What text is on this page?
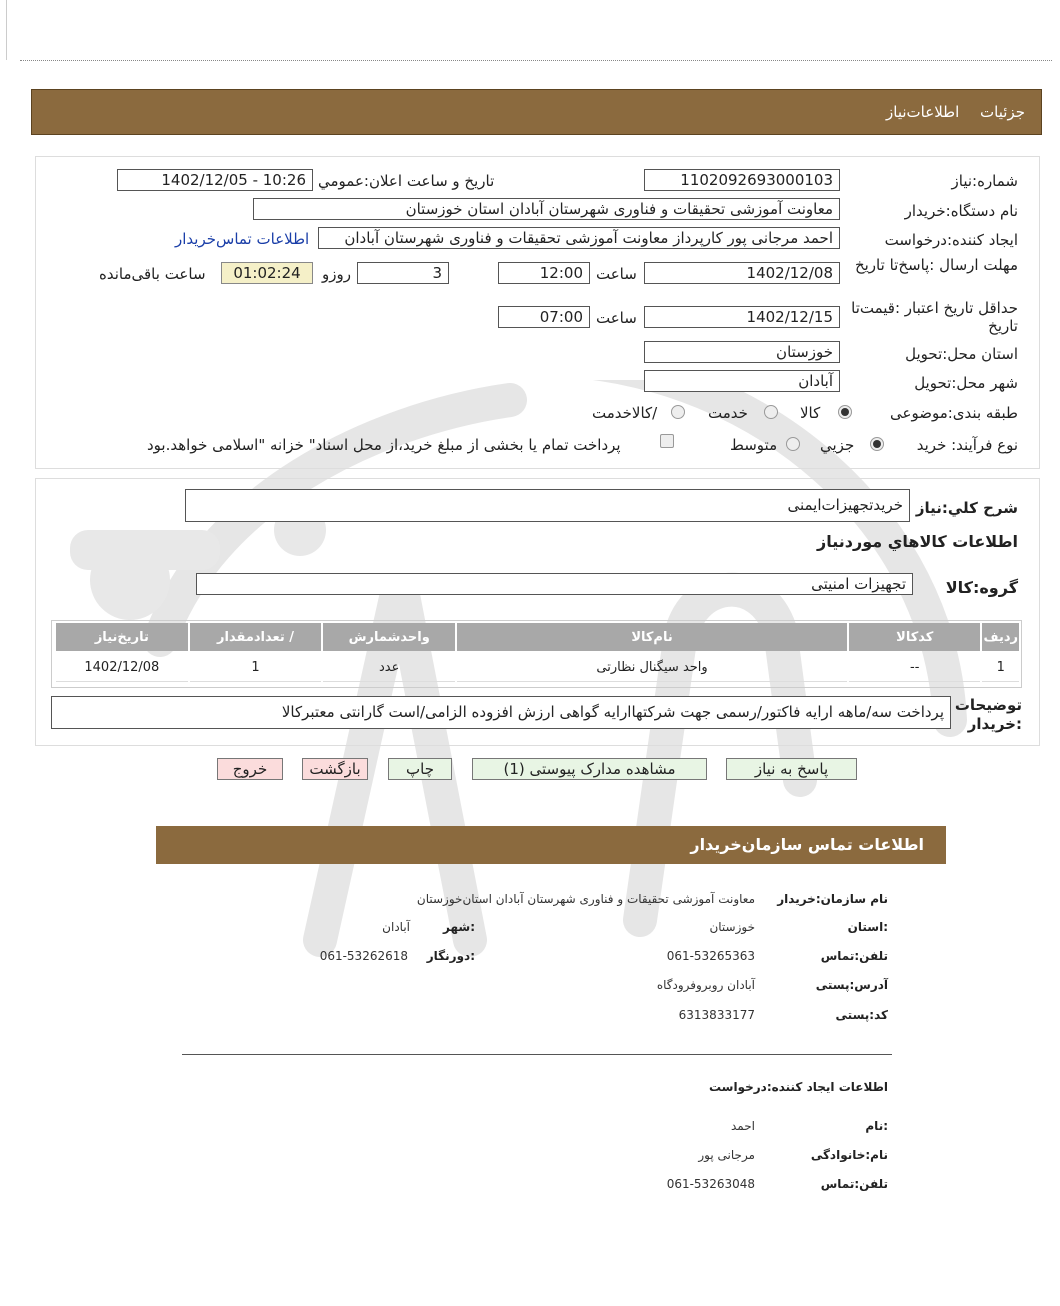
جزئیات اطلاعات‌نیاز
شماره:نیاز
1102092693000103
تاریخ و ساعت اعلان:عمومي
1402/12/05 - 10:26
نام دستگاه:خریدار
معاونت آموزشی تحقیقات و فناوری شهرستان آبادان استان خوزستان
ایجاد کننده:درخواست
احمد مرجانی پور کارپرداز معاونت آموزشی تحقیقات و فناوری شهرستان آبادان
اطلاعات تماس‌خریدار
مهلت ارسال :پاسخ‌تا تاریخ
1402/12/08
ساعت
12:00
3
روزو
01:02:24
ساعت باقی‌مانده
حداقل تاریخ اعتبار :قیمت‌تا تاریخ
1402/12/15
ساعت
07:00
استان محل:تحویل
خوزستان
شهر محل:تحویل
آبادان
طبقه بندی:موضوعی
کالا
خدمت
/کالاخدمت
نوع فرآیند: خرید
جزیي
متوسط
پرداخت تمام یا بخشی از مبلغ خرید،از محل اسناد" خزانه "اسلامی خواهد.بود
شرح کلي:نیاز
خریدتجهیزات‌ایمنی
اطلاعات کالاهاي موردنياز
گروه:کالا
تجهیزات امنیتی
ردیف	کدکالا	نام‌کالا	واحدشمارش	/ تعدادمقدار	تاریخ‌نیاز
1	--	واحد سیگنال نظارتی	عدد	1	1402/12/08
توضیحات :خریدار
پرداخت سه/ماهه ارایه فاکتور/رسمی جهت شرکتهاارایه گواهی ارزش افزوده الزامی/است گارانتی معتبرکالا
پاسخ به نیاز
مشاهده مدارک پیوستی (1)
چاپ
بازگشت
خروج
اطلاعات تماس سازمان‌خریدار
نام سازمان:خریدار
معاونت آموزشی تحقیقات و فناوری شهرستان آبادان استان‌خوزستان
:استان
خوزستان
:شهر
آبادان
تلفن:تماس
061-53265363
:دورنگار
061-53262618
آدرس:پستی
آبادان روبروفرودگاه
کد:پستی
6313833177
اطلاعات ایجاد کننده:درخواست
:نام
احمد
نام:خانوادگی
مرجانی پور
تلفن:تماس
061-53263048
